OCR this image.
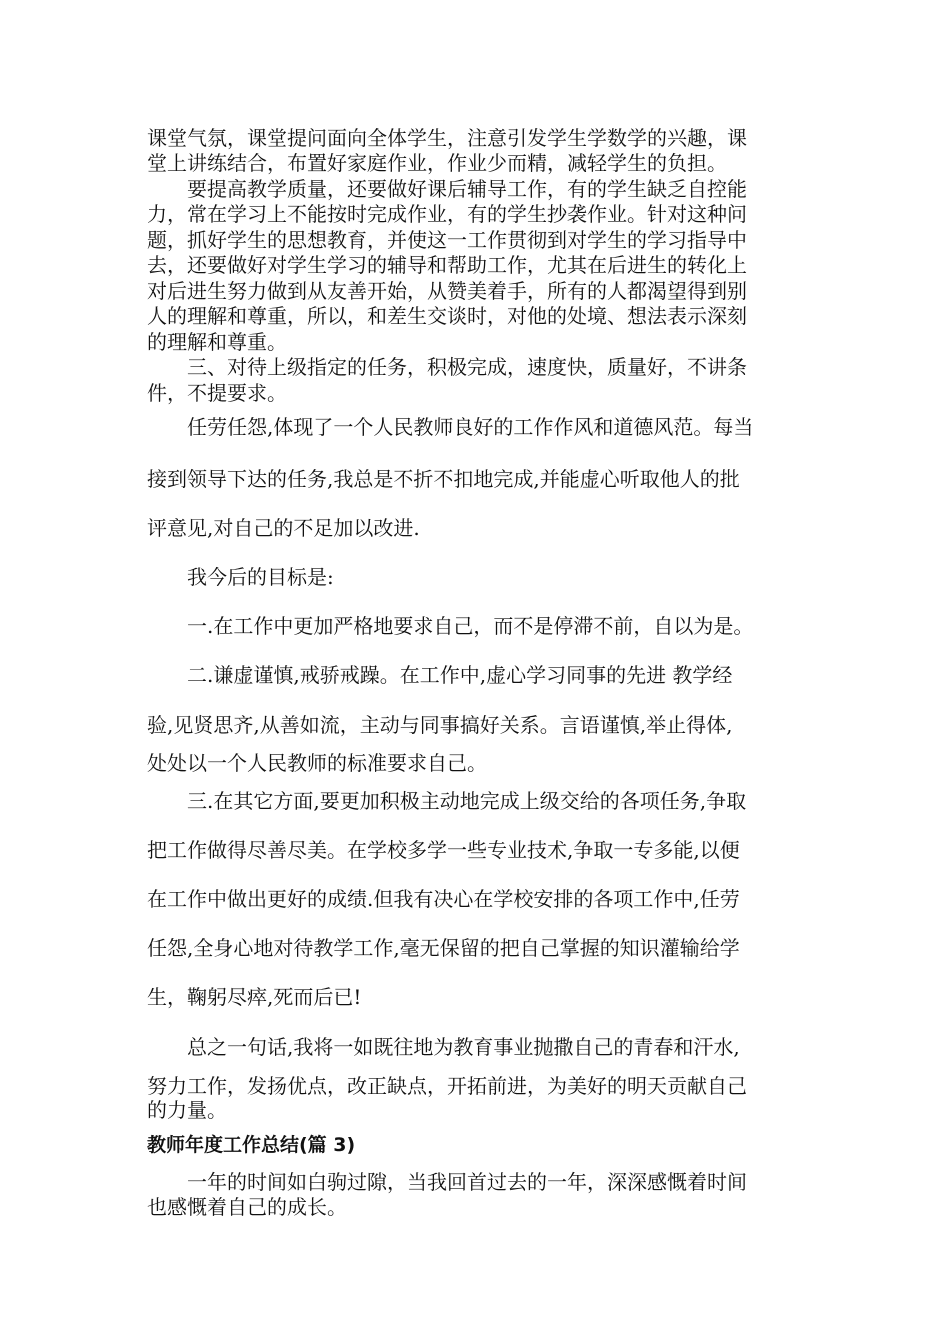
课堂气氛，课堂提问面向全体学生，注意引发学生学数学的兴趣，课

堂上讲练结合，布置好家庭作业，作业少而精，减轻学生的负担。

要提高教学质量，还要做好课后辅导工作，有的学生缺乏自控能

力，常在学习上不能按时完成作业，有的学生抄袭作业。针对这种问

题，抓好学生的思想教育，并使这一工作贯彻到对学生的学习指导中

去，还要做好对学生学习的辅导和帮助工作，尤其在后进生的转化上

对后进生努力做到从友善开始，从赞美着手，所有的人都渴望得到别

人的理解和尊重，所以，和差生交谈时，对他的处境、想法表示深刻

的理解和尊重。

三、对待上级指定的任务，积极完成，速度快，质量好，不讲条

件，不提要求。

任劳任怨,体现了一个人民教师良好的工作作风和道德风范。每当

接到领导下达的任务,我总是不折不扣地完成,并能虚心听取他人的批

评意见,对自己的不足加以改进.

我今后的目标是:

一.在工作中更加严格地要求自己，而不是停滞不前，自以为是。

二.谦虚谨慎,戒骄戒躁。在工作中,虚心学习同事的先进 教学经

验,见贤思齐,从善如流，主动与同事搞好关系。言语谨慎,举止得体,

处处以一个人民教师的标准要求自己。

三.在其它方面,要更加积极主动地完成上级交给的各项任务,争取

把工作做得尽善尽美。在学校多学一些专业技术,争取一专多能,以便

在工作中做出更好的成绩.但我有决心在学校安排的各项工作中,任劳

任怨,全身心地对待教学工作,毫无保留的把自己掌握的知识灌输给学

生，鞠躬尽瘁,死而后已!

总之一句话,我将一如既往地为教育事业抛撒自己的青春和汗水,

努力工作，发扬优点，改正缺点，开拓前进，为美好的明天贡献自己

的力量。

教师年度工作总结(篇 3)

一年的时间如白驹过隙，当我回首过去的一年，深深感慨着时间

也感慨着自己的成长。
